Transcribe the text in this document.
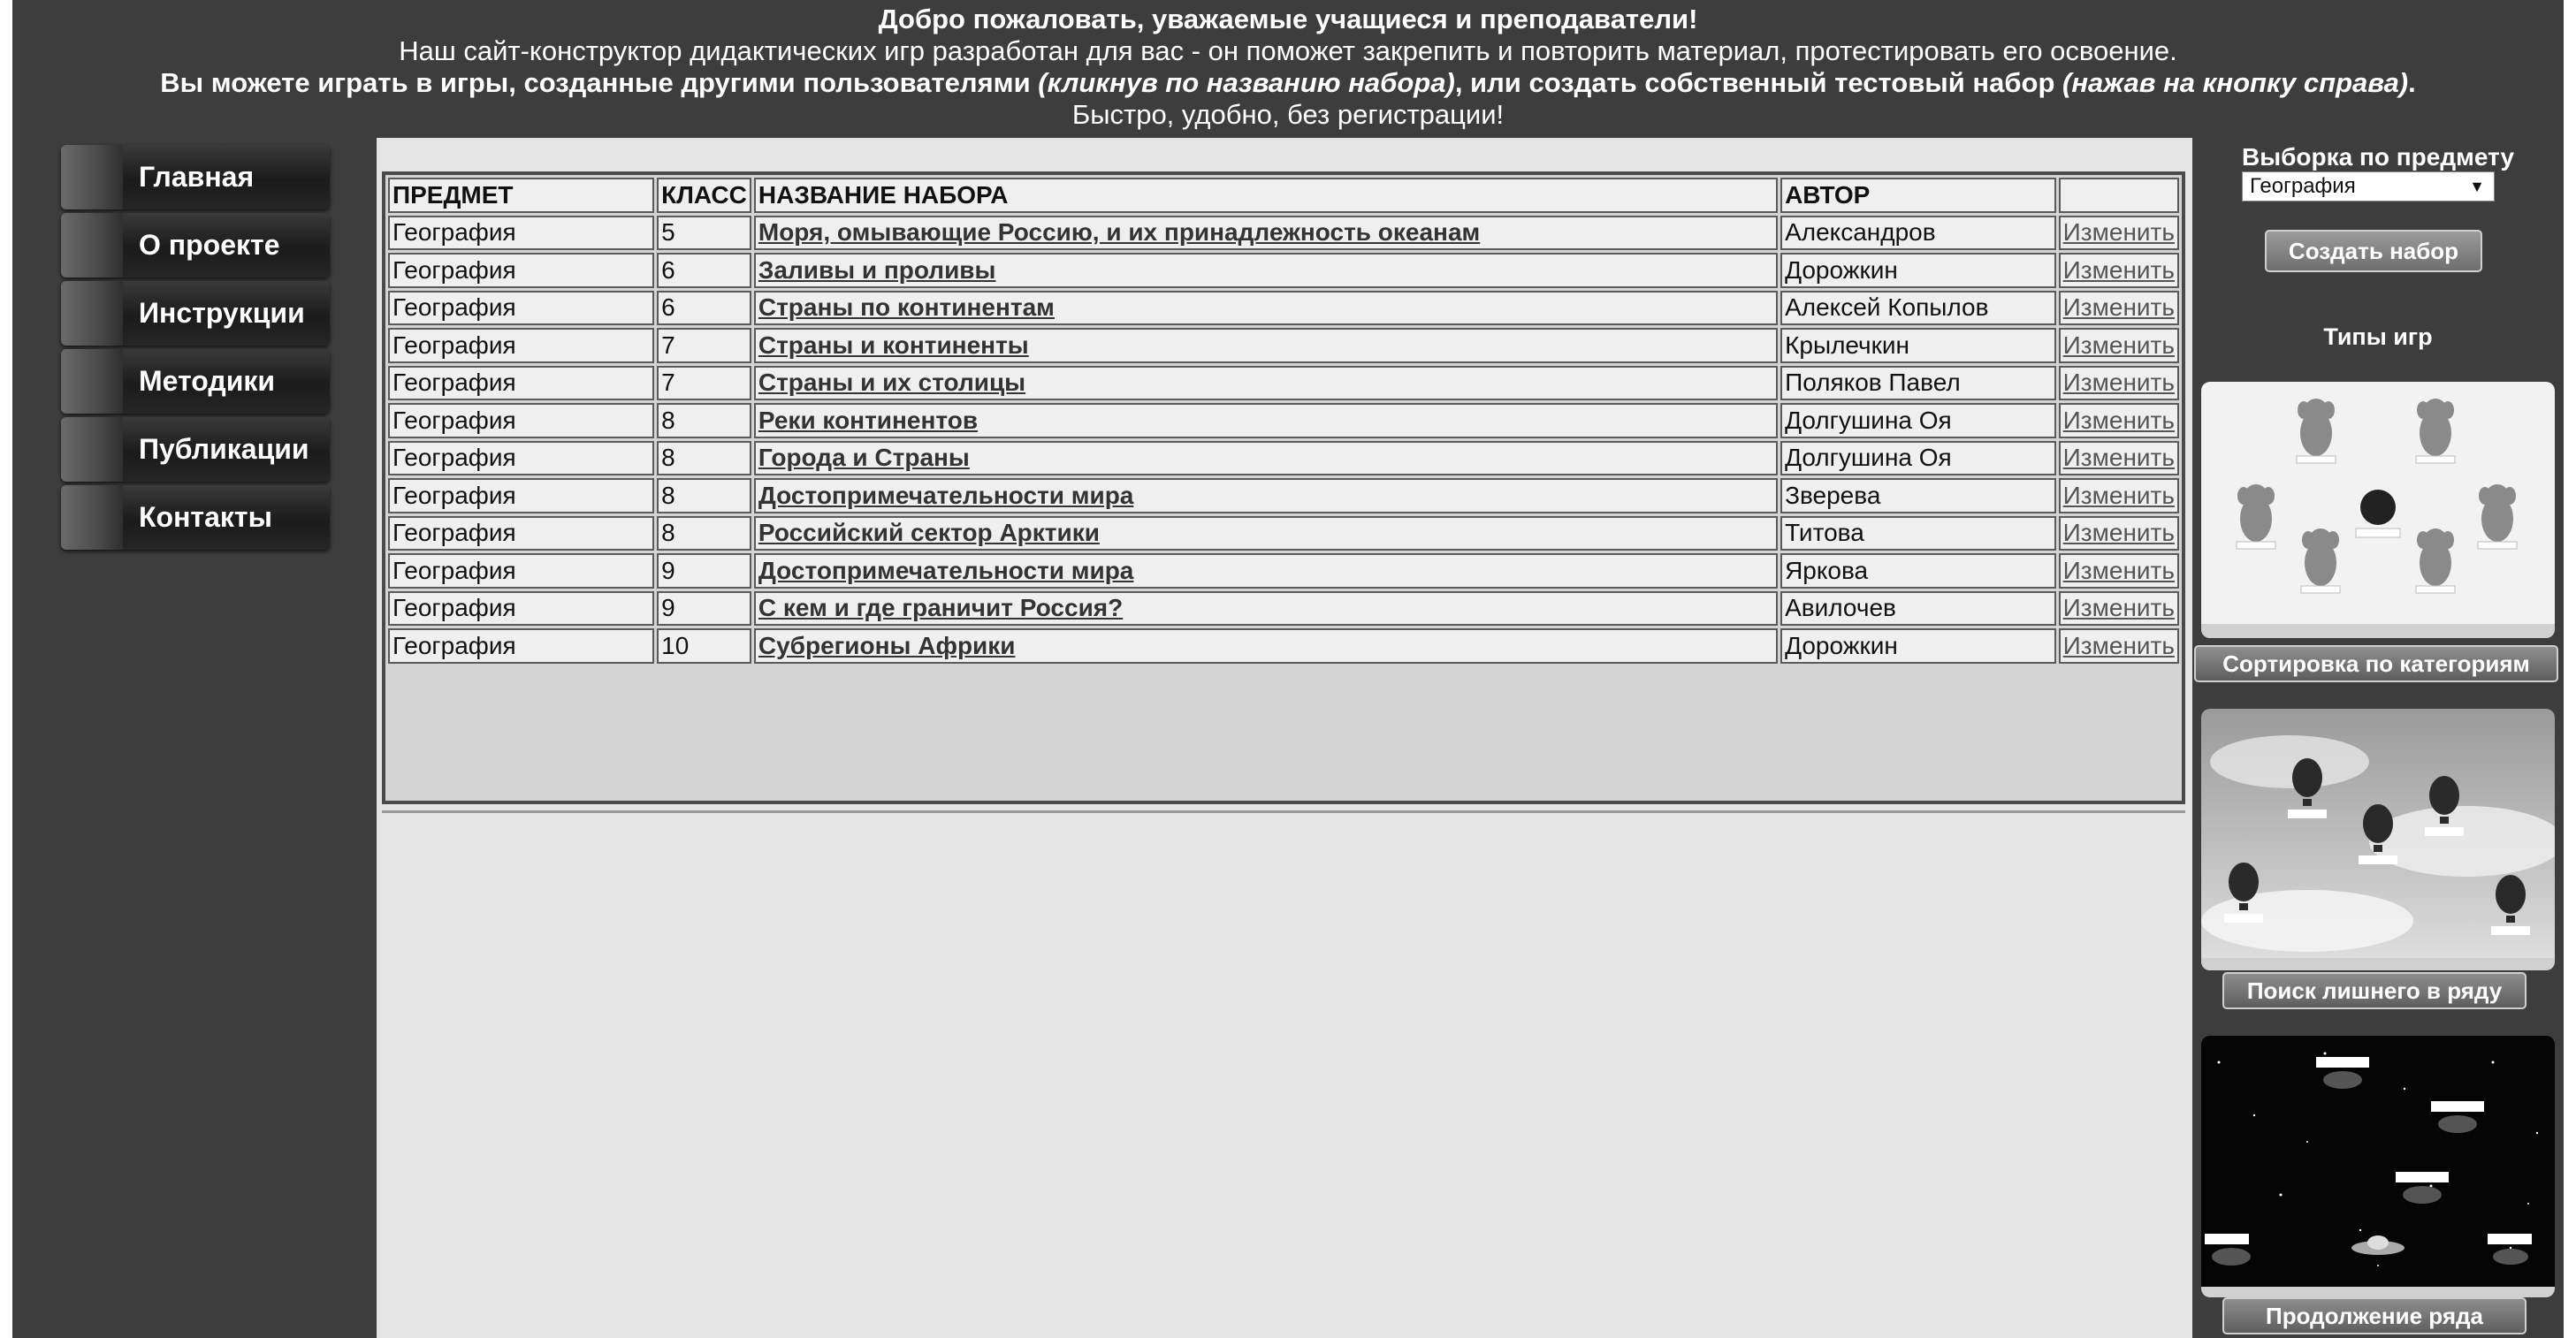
Добро пожаловать, уважаемые учащиеся и преподаватели!
Наш сайт-конструктор дидактических игр разработан для вас - он поможет закрепить и повторить материал, протестировать его освоение.
Вы можете играть в игры, созданные другими пользователями (кликнув по названию набора), или создать собственный тестовый набор (нажав на кнопку справа).
Быстро, удобно, без регистрации!
Главная
О проекте
Инструкции
Методики
Публикации
Контакты
ПРЕДМЕТ	КЛАСС	НАЗВАНИЕ НАБОРА	АВТОР	
География	5	Моря, омывающие Россию, и их принадлежность океанам	Александров	Изменить
География	6	Заливы и проливы	Дорожкин	Изменить
География	6	Страны по континентам	Алексей Копылов	Изменить
География	7	Страны и континенты	Крылечкин	Изменить
География	7	Страны и их столицы	Поляков Павел	Изменить
География	8	Реки континентов	Долгушина Оя	Изменить
География	8	Города и Страны	Долгушина Оя	Изменить
География	8	Достопримечательности мира	Зверева	Изменить
География	8	Российский сектор Арктики	Титова	Изменить
География	9	Достопримечательности мира	Яркова	Изменить
География	9	С кем и где граничит Россия?	Авилочев	Изменить
География	10	Субрегионы Африки	Дорожкин	Изменить
Выборка по предмету
География	▼
Создать набор
Типы игр
Сортировка по категориям
Поиск лишнего в ряду
Продолжение ряда
